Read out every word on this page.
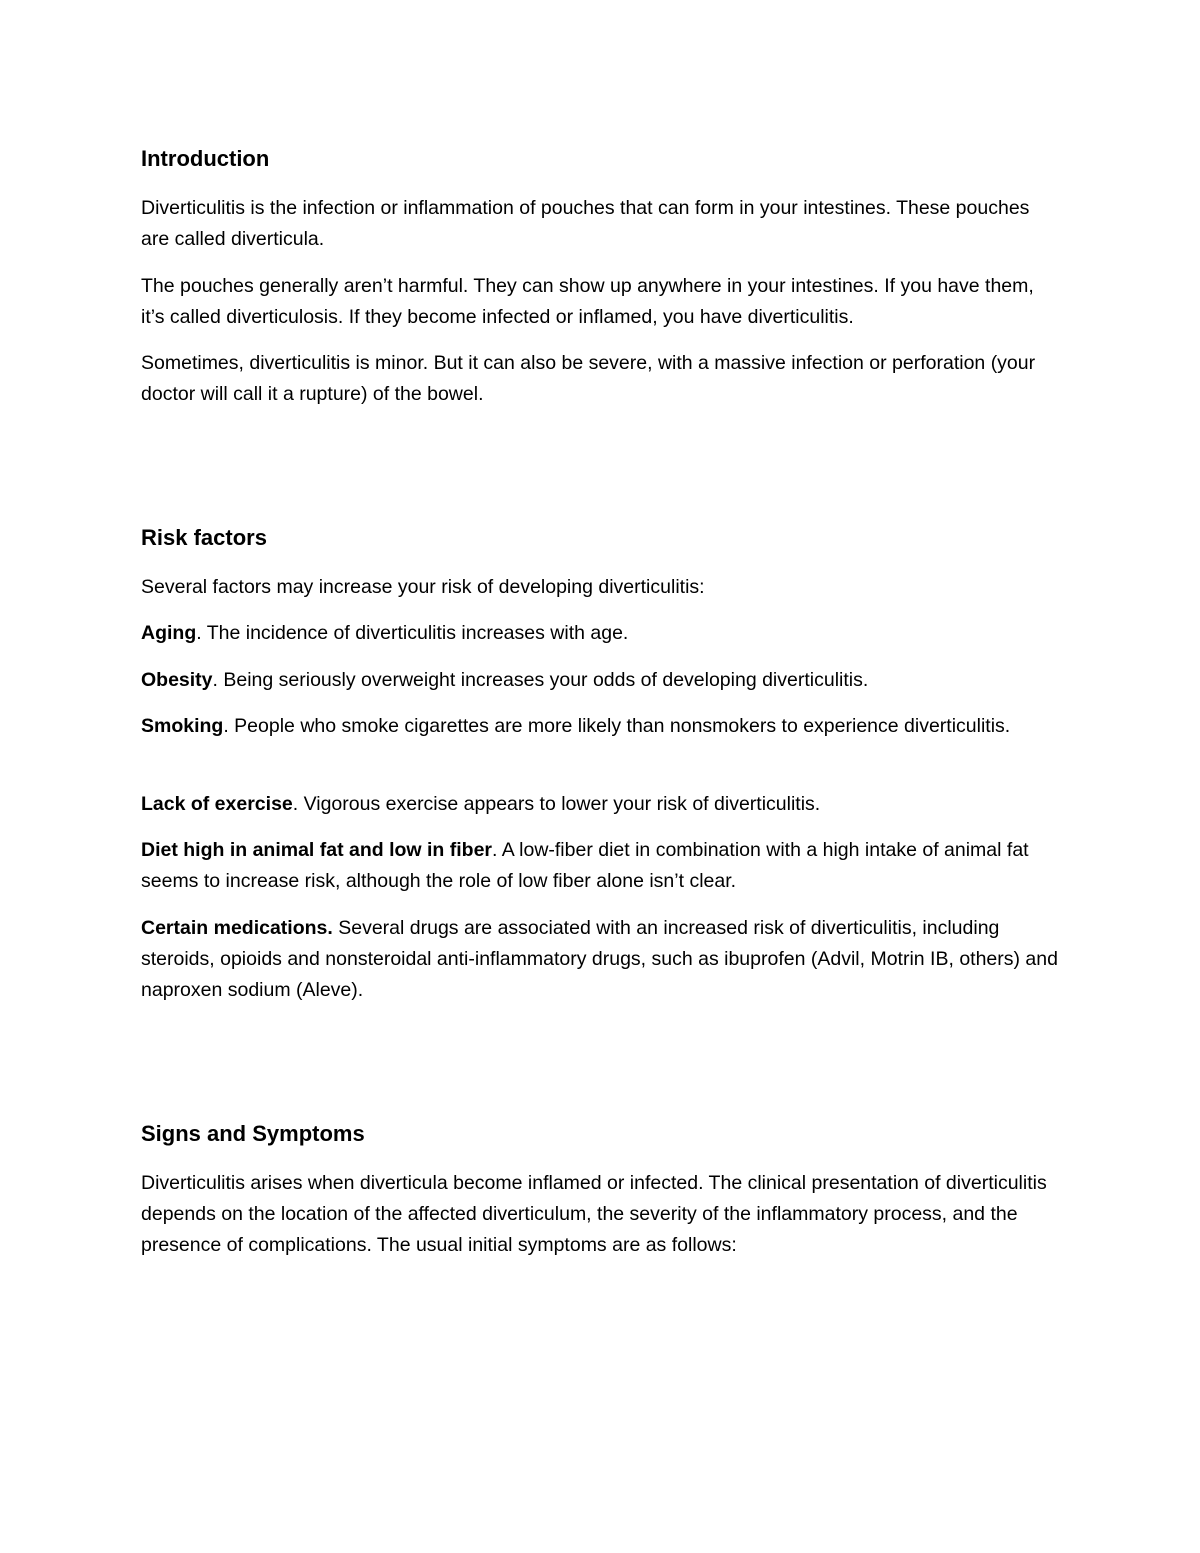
Introduction

Diverticulitis is the infection or inflammation of pouches that can form in your intestines. These pouches are called diverticula.

The pouches generally aren’t harmful. They can show up anywhere in your intestines. If you have them, it’s called diverticulosis. If they become infected or inflamed, you have diverticulitis.

Sometimes, diverticulitis is minor. But it can also be severe, with a massive infection or perforation (your doctor will call it a rupture) of the bowel.

Risk factors

Several factors may increase your risk of developing diverticulitis:

Aging. The incidence of diverticulitis increases with age.

Obesity. Being seriously overweight increases your odds of developing diverticulitis.

Smoking. People who smoke cigarettes are more likely than nonsmokers to experience diverticulitis.

Lack of exercise. Vigorous exercise appears to lower your risk of diverticulitis.

Diet high in animal fat and low in fiber. A low-fiber diet in combination with a high intake of animal fat seems to increase risk, although the role of low fiber alone isn’t clear.

Certain medications. Several drugs are associated with an increased risk of diverticulitis, including steroids, opioids and nonsteroidal anti-inflammatory drugs, such as ibuprofen (Advil, Motrin IB, others) and naproxen sodium (Aleve).

Signs and Symptoms

Diverticulitis arises when diverticula become inflamed or infected. The clinical presentation of diverticulitis depends on the location of the affected diverticulum, the severity of the inflammatory process, and the presence of complications. The usual initial symptoms are as follows:
